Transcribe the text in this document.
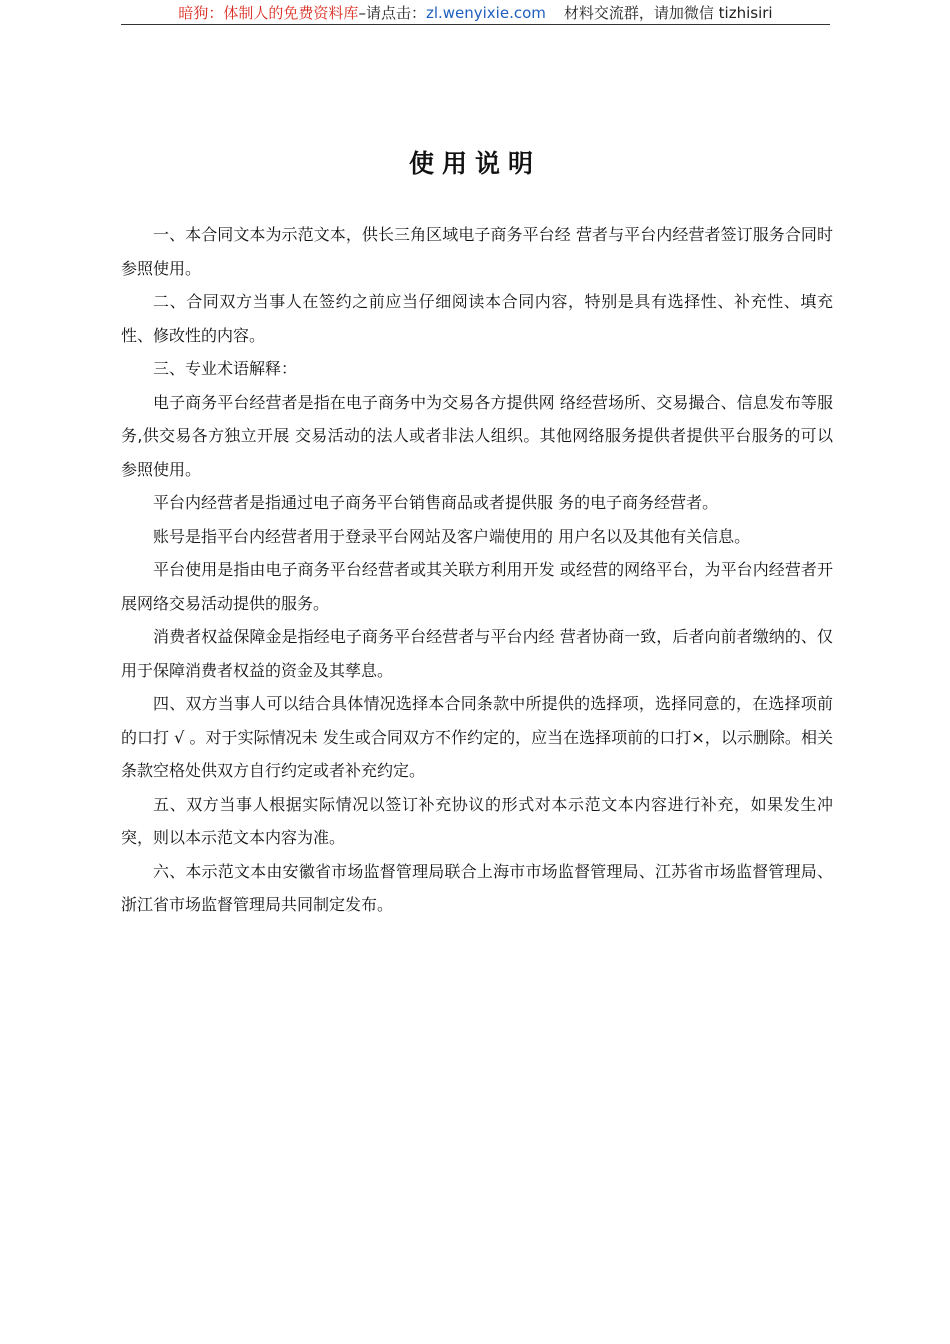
暗狗：体制人的免费资料库–请点击：zl.wenyixie.com 材料交流群，请加微信 tizhisiri
使用说明

一、本合同文本为示范文本，供长三角区域电子商务平台经 营者与平台内经营者签订服务合同时参照使用。

二、合同双方当事人在签约之前应当仔细阅读本合同内容，特别是具有选择性、补充性、填充性、修改性的内容。

三、专业术语解释：

电子商务平台经营者是指在电子商务中为交易各方提供网 络经营场所、交易撮合、信息发布等服务,供交易各方独立开展 交易活动的法人或者非法人组织。其他网络服务提供者提供平台服务的可以参照使用。

平台内经营者是指通过电子商务平台销售商品或者提供服 务的电子商务经营者。

账号是指平台内经营者用于登录平台网站及客户端使用的 用户名以及其他有关信息。

平台使用是指由电子商务平台经营者或其关联方利用开发 或经营的网络平台，为平台内经营者开展网络交易活动提供的服务。

消费者权益保障金是指经电子商务平台经营者与平台内经 营者协商一致，后者向前者缴纳的、仅用于保障消费者权益的资金及其孳息。

四、双方当事人可以结合具体情况选择本合同条款中所提供的选择项，选择同意的，在选择项前的口打 √ 。对于实际情况未 发生或合同双方不作约定的，应当在选择项前的口打×，以示删除。相关条款空格处供双方自行约定或者补充约定。

五、双方当事人根据实际情况以签订补充协议的形式对本示范文本内容进行补充，如果发生冲突，则以本示范文本内容为准。

六、本示范文本由安徽省市场监督管理局联合上海市市场监督管理局、江苏省市场监督管理局、浙江省市场监督管理局共同制定发布。
